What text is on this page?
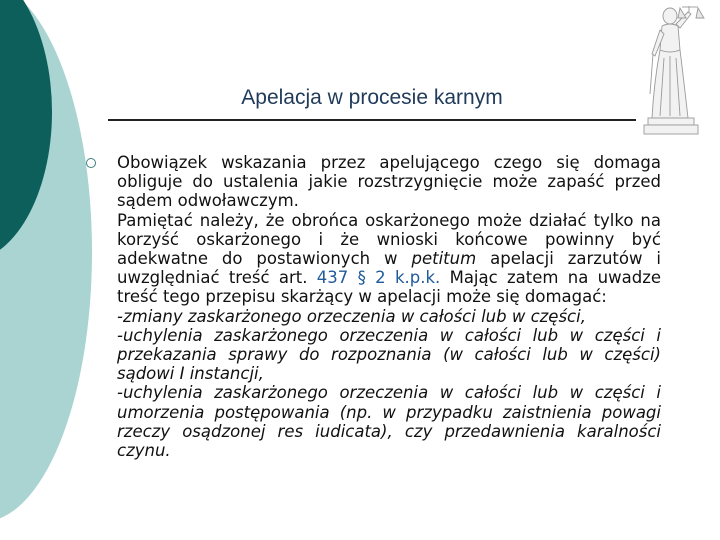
Apelacja w procesie karnym

Obowiązek wskazania przez apelującego czego się domaga obliguje do ustalenia jakie rozstrzygnięcie może zapaść przed sądem odwoławczym.

Pamiętać należy, że obrońca oskarżonego może działać tylko na korzyść oskarżonego i że wnioski końcowe powinny być adekwatne do postawionych w petitum apelacji zarzutów i uwzględniać treść art. 437 § 2 k.p.k. Mając zatem na uwadze treść tego przepisu skarżący w apelacji może się domagać:

-zmiany zaskarżonego orzeczenia w całości lub w części,

-uchylenia zaskarżonego orzeczenia w całości lub w części i przekazania sprawy do rozpoznania (w całości lub w części) sądowi I instancji,

-uchylenia zaskarżonego orzeczenia w całości lub w części i umorzenia postępowania (np. w przypadku zaistnienia powagi rzeczy osądzonej res iudicata), czy przedawnienia karalności czynu.
